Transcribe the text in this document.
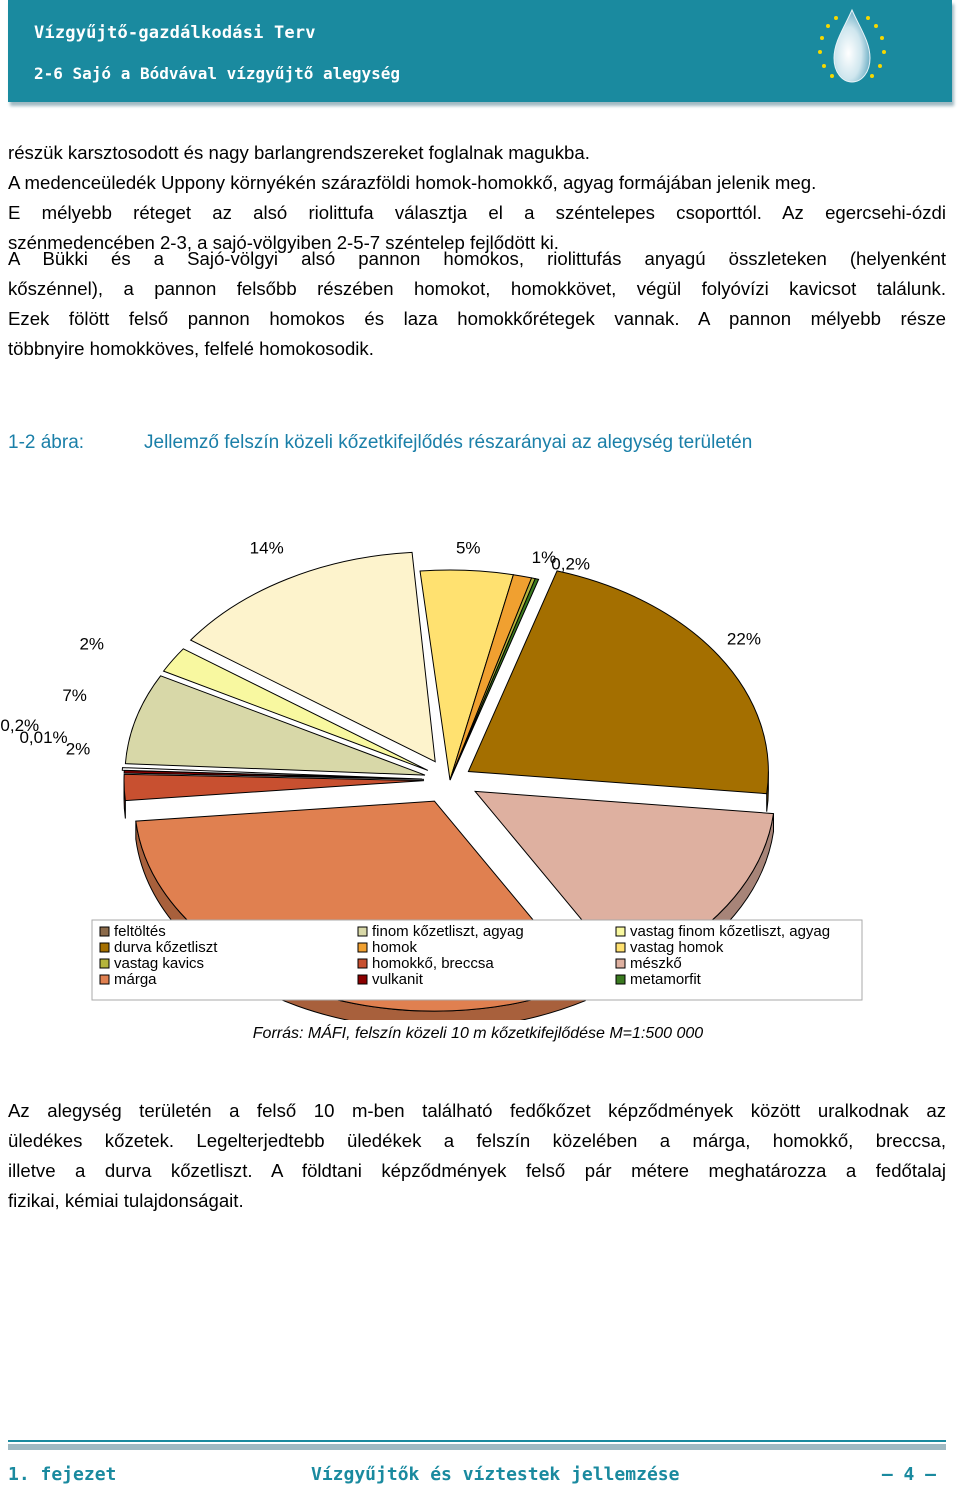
Vízgyűjtő-gazdálkodási Terv
2-6 Sajó a Bódvával vízgyűjtő alegység
részük karsztosodott és nagy barlangrendszereket foglalnak magukba.
A medenceüledék Uppony környékén szárazföldi homok-homokkő, agyag formájában jelenik meg.
E mélyebb réteget az alsó riolittufa választja el a széntelepes csoporttól. Az egercsehi-ózdi
szénmedencében 2-3, a sajó-völgyiben 2-5-7 széntelep fejlődött ki.
A Bükki és a Sajó-völgyi alsó pannon homokos, riolittufás anyagú összleteken (helyenként
kőszénnel), a pannon felsőbb részében homokot, homokkövet, végül folyóvízi kavicsot találunk.
Ezek fölött felső pannon homokos és laza homokkőrétegek vannak. A pannon mélyebb része
többnyire homokköves, felfelé homokosodik.
1-2 ábra:	Jellemző felszín közeli kőzetkifejlődés részarányai az alegység területén
5%	1%
0,2%
22%
2%
0,01%
0,2%
7%
2%
14%
feltöltés	finom kőzetliszt, agyag	vastag finom kőzetliszt, agyag
durva kőzetliszt	homok	vastag homok
vastag kavics	homokkő, breccsa	mészkő
márga	vulkanit	metamorfit
Forrás: MÁFI, felszín közeli 10 m kőzetkifejlődése M=1:500 000
Az alegység területén a felső 10 m-ben található fedőkőzet képződmények között uralkodnak az
üledékes kőzetek. Legelterjedtebb üledékek a felszín közelében a márga, homokkő, breccsa,
illetve a durva kőzetliszt. A földtani képződmények felső pár métere meghatározza a fedőtalaj
fizikai, kémiai tulajdonságait.
1. fejezet	Vízgyűjtők és víztestek jellemzése	– 4 –
